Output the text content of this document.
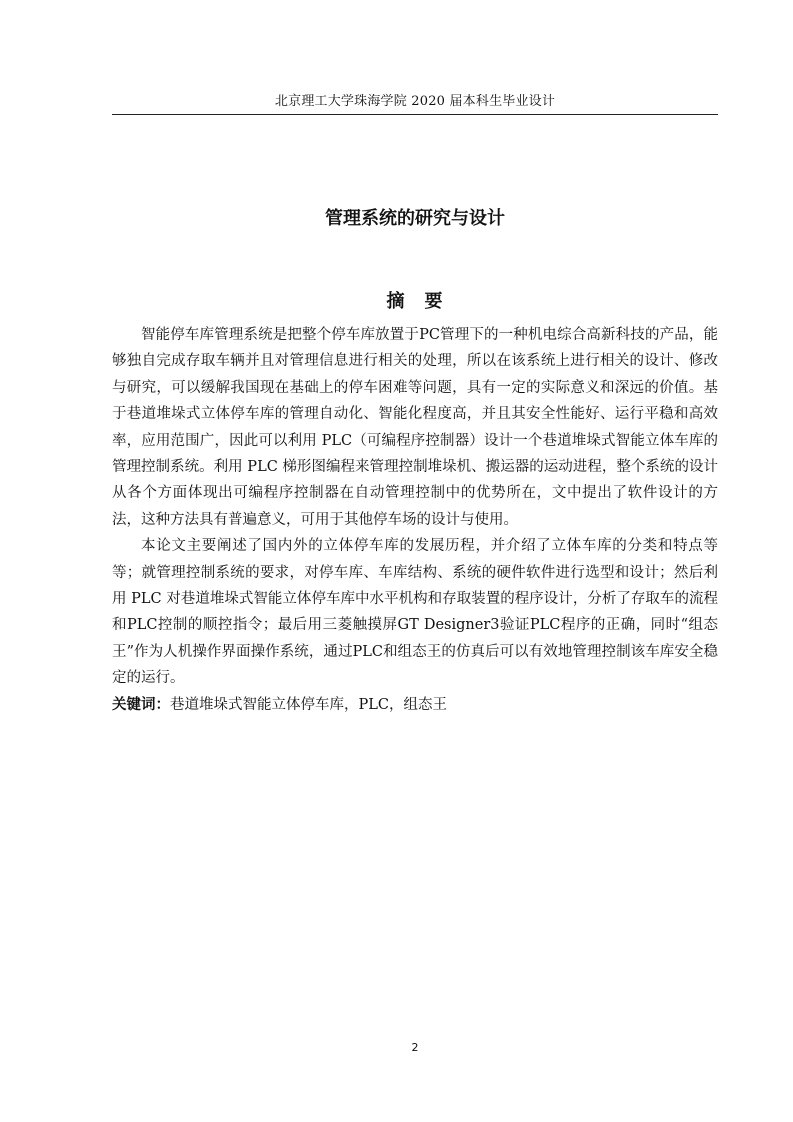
北京理工大学珠海学院 2020 届本科生毕业设计
管理系统的研究与设计
摘　要

智能停车库管理系统是把整个停车库放置于PC管理下的一种机电综合高新科技的产品，能够独自完成存取车辆并且对管理信息进行相关的处理，所以在该系统上进行相关的设计、修改与研究，可以缓解我国现在基础上的停车困难等问题，具有一定的实际意义和深远的价值。基于巷道堆垛式立体停车库的管理自动化、智能化程度高，并且其安全性能好、运行平稳和高效率，应用范围广，因此可以利用 PLC（可编程序控制器）设计一个巷道堆垛式智能立体车库的管理控制系统。利用 PLC 梯形图编程来管理控制堆垛机、搬运器的运动进程，整个系统的设计从各个方面体现出可编程序控制器在自动管理控制中的优势所在，文中提出了软件设计的方法，这种方法具有普遍意义，可用于其他停车场的设计与使用。

本论文主要阐述了国内外的立体停车库的发展历程，并介绍了立体车库的分类和特点等等；就管理控制系统的要求，对停车库、车库结构、系统的硬件软件进行选型和设计；然后利用 PLC 对巷道堆垛式智能立体停车库中水平机构和存取装置的程序设计，分析了存取车的流程和PLC控制的顺控指令；最后用三菱触摸屏GT Designer3验证PLC程序的正确，同时“组态王”作为人机操作界面操作系统，通过PLC和组态王的仿真后可以有效地管理控制该车库安全稳定的运行。

关键词：巷道堆垛式智能立体停车库，PLC，组态王

2
